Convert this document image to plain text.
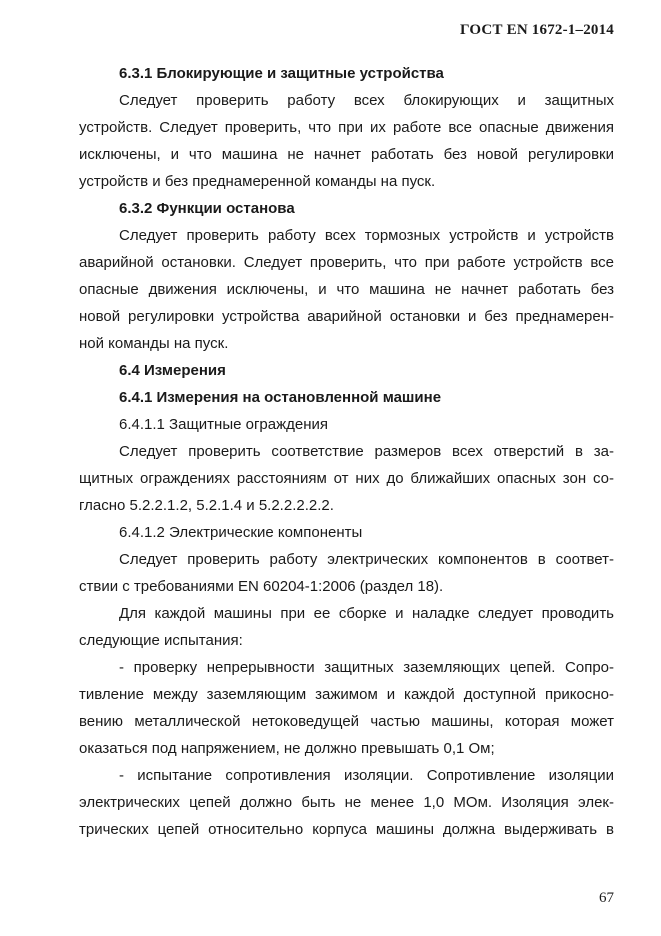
ГОСТ EN 1672-1–2014
6.3.1 Блокирующие и защитные устройства
Следует проверить работу всех блокирующих и защитных
устройств. Следует проверить, что при их работе все опасные движения
исключены, и что машина не начнет работать без новой регулировки
устройств и без преднамеренной команды на пуск.
6.3.2 Функции останова
Следует проверить работу всех тормозных устройств и устройств
аварийной остановки. Следует проверить, что при работе устройств все
опасные движения исключены, и что машина не начнет работать без
новой регулировки устройства аварийной остановки и без преднамерен-
ной команды на пуск.
6.4 Измерения
6.4.1 Измерения на остановленной машине
6.4.1.1 Защитные ограждения
Следует проверить соответствие размеров всех отверстий в за-
щитных ограждениях расстояниям от них до ближайших опасных зон со-
гласно 5.2.2.1.2, 5.2.1.4 и 5.2.2.2.2.2.
6.4.1.2 Электрические компоненты
Следует проверить работу электрических компонентов в соответ-
ствии с требованиями EN 60204-1:2006 (раздел 18).
Для каждой машины при ее сборке и наладке следует проводить
следующие испытания:
- проверку непрерывности защитных заземляющих цепей. Сопро-
тивление между заземляющим зажимом и каждой доступной прикосно-
вению металлической нетоковедущей частью машины, которая может
оказаться под напряжением, не должно превышать 0,1 Ом;
- испытание сопротивления изоляции. Сопротивление изоляции
электрических цепей должно быть не менее 1,0 МОм. Изоляция элек-
трических цепей относительно корпуса машины должна выдерживать в
67
